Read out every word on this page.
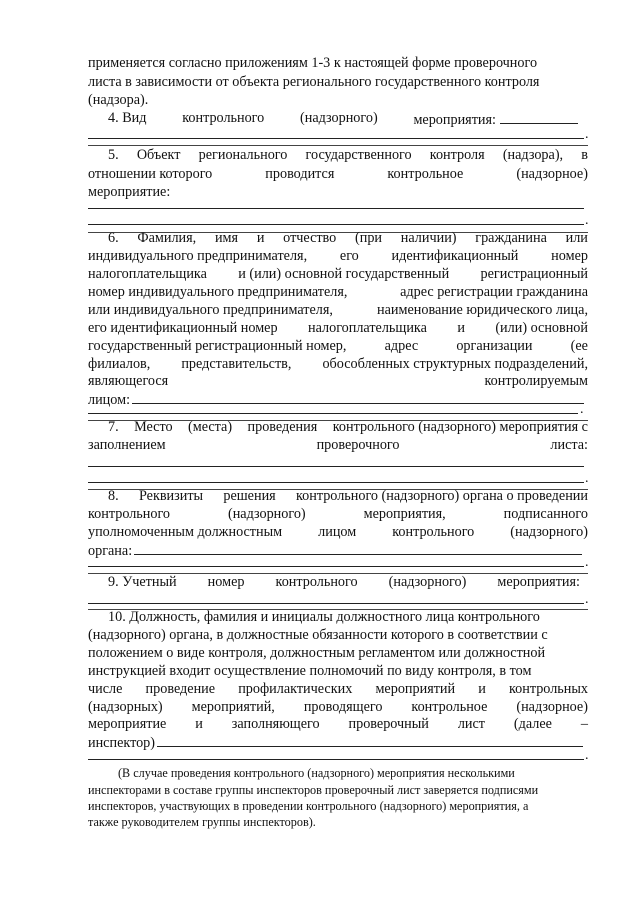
применяется согласно приложениям 1-3 к настоящей форме проверочного
листа в зависимости от объекта регионального государственного контроля
(надзора).
4. Вид	контрольного	(надзорного)	мероприятия:
.
5. Объект регионального государственного контроля (надзора), в
отношении которого	проводится	контрольное	(надзорное)
мероприятие:
.
6. Фамилия, имя и отчество (при наличии) гражданина или
индивидуального предпринимателя, его идентификационный номер
налогоплательщика и (или) основной государственный регистрационный
номер индивидуального предпринимателя,	адрес регистрации гражданина
или индивидуального предпринимателя,	наименование юридического лица,
его идентификационный номер налогоплательщика и (или) основной
государственный регистрационный номер,	адрес	организации	(ее
филиалов, представительств, обособленных структурных подразделений,
являющегося	контролируемым
лицом:
.
7. Место (места) проведения контрольного (надзорного) мероприятия с
заполнением	проверочного	листа:
.
8. Реквизиты решения контрольного (надзорного) органа о проведении
контрольного	(надзорного)	мероприятия,	подписанного
уполномоченным должностным	лицом	контрольного	(надзорного)
органа:
.
9. Учетный номер контрольного (надзорного) мероприятия:
.
10. Должность, фамилия и инициалы должностного лица контрольного
(надзорного) органа, в должностные обязанности которого в соответствии с
положением о виде контроля, должностным регламентом или должностной
инструкцией входит осуществление полномочий по виду контроля, в том
числе проведение профилактических мероприятий и контрольных
(надзорных) мероприятий, проводящего контрольное (надзорное)
мероприятие и заполняющего проверочный лист (далее –
инспектор)
.
(В случае проведения контрольного (надзорного) мероприятия несколькими
инспекторами в составе группы инспекторов проверочный лист заверяется подписями
инспекторов, участвующих в проведении контрольного (надзорного) мероприятия, а
также руководителем группы инспекторов).
